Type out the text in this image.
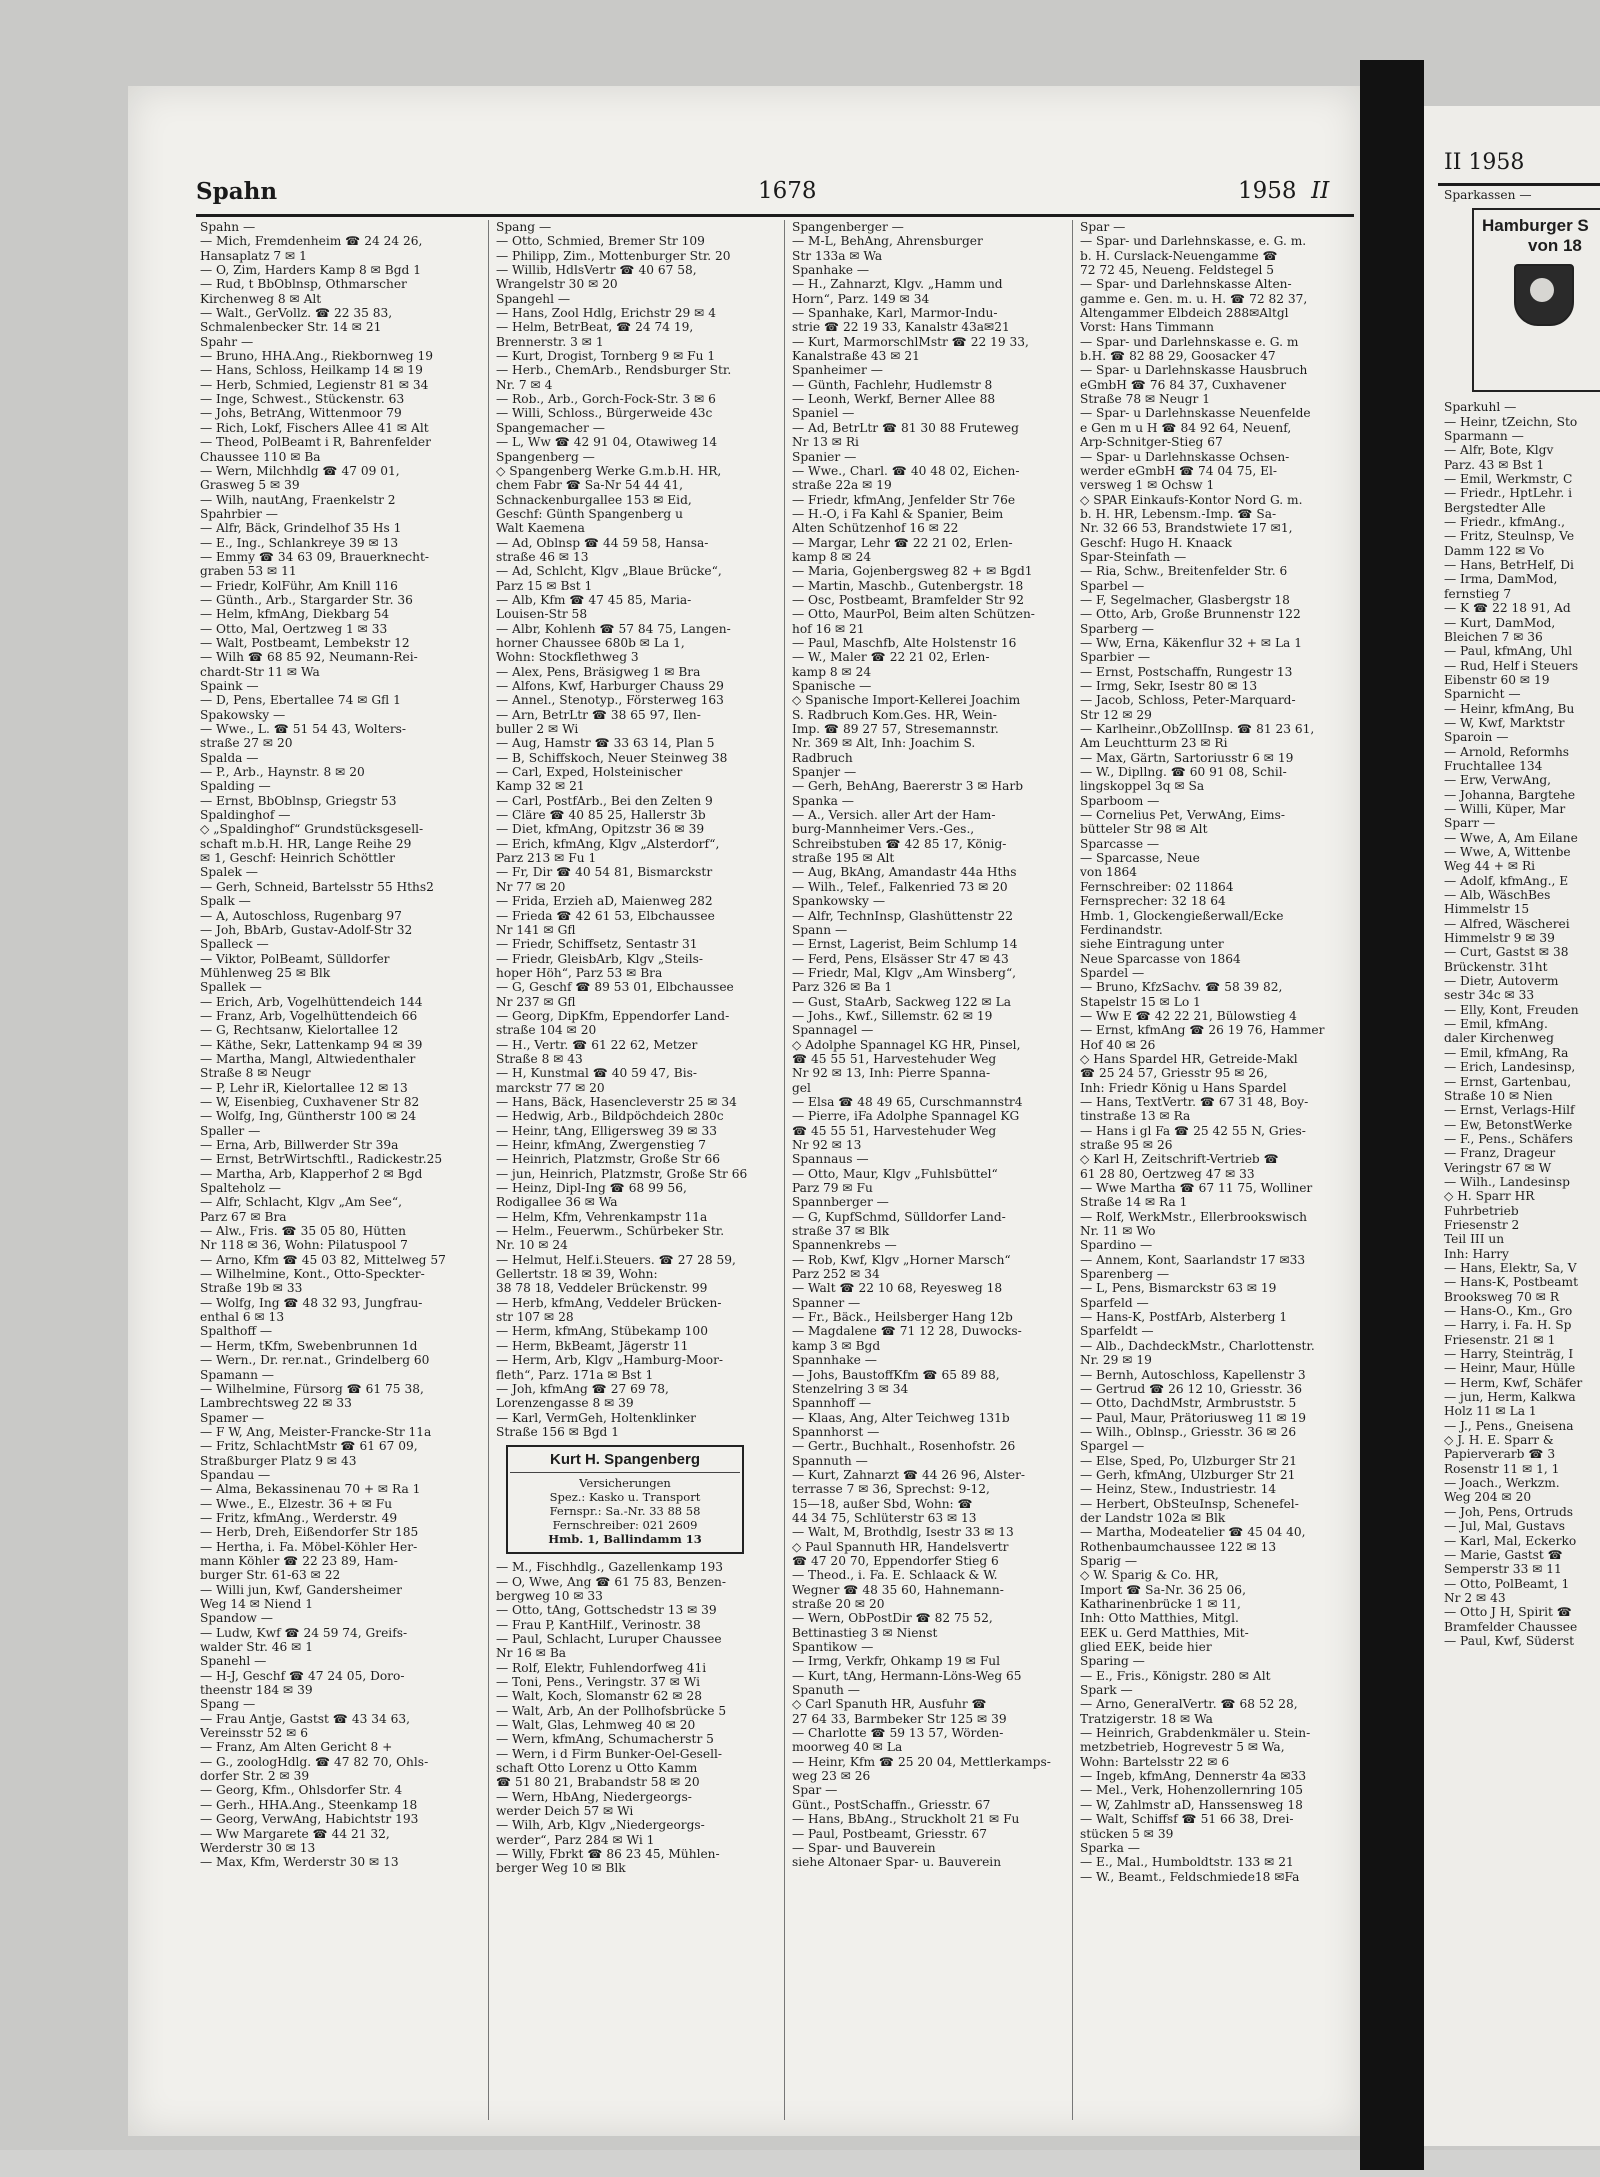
Spahn	1678	1958 II
Spahn —
— Mich, Fremdenheim ☎ 24 24 26,
Hansaplatz 7 ✉ 1
— O, Zim, Harders Kamp 8 ✉ Bgd 1
— Rud, t BbOblnsp, Othmarscher
Kirchenweg 8 ✉ Alt
— Walt., GerVollz. ☎ 22 35 83,
Schmalenbecker Str. 14 ✉ 21
Spahr —
— Bruno, HHA.Ang., Riekbornweg 19
— Hans, Schloss, Heilkamp 14 ✉ 19
— Herb, Schmied, Legienstr 81 ✉ 34
— Inge, Schwest., Stückenstr. 63
— Johs, BetrAng, Wittenmoor 79
— Rich, Lokf, Fischers Allee 41 ✉ Alt
— Theod, PolBeamt i R, Bahrenfelder
Chaussee 110 ✉ Ba
— Wern, Milchhdlg ☎ 47 09 01,
Grasweg 5 ✉ 39
— Wilh, nautAng, Fraenkelstr 2
Spahrbier —
— Alfr, Bäck, Grindelhof 35 Hs 1
— E., Ing., Schlankreye 39 ✉ 13
— Emmy ☎ 34 63 09, Brauerknecht-
graben 53 ✉ 11
— Friedr, KolFühr, Am Knill 116
— Günth., Arb., Stargarder Str. 36
— Helm, kfmAng, Diekbarg 54
— Otto, Mal, Oertzweg 1 ✉ 33
— Walt, Postbeamt, Lembekstr 12
— Wilh ☎ 68 85 92, Neumann-Rei-
chardt-Str 11 ✉ Wa
Spaink —
— D, Pens, Ebertallee 74 ✉ Gfl 1
Spakowsky —
— Wwe., L. ☎ 51 54 43, Wolters-
straße 27 ✉ 20
Spalda —
— P., Arb., Haynstr. 8 ✉ 20
Spalding —
— Ernst, BbOblnsp, Griegstr 53
Spaldinghof —
◇ „Spaldinghof“ Grundstücksgesell-
schaft m.b.H. HR, Lange Reihe 29
✉ 1, Geschf: Heinrich Schöttler
Spalek —
— Gerh, Schneid, Bartelsstr 55 Hths2
Spalk —
— A, Autoschloss, Rugenbarg 97
— Joh, BbArb, Gustav-Adolf-Str 32
Spalleck —
— Viktor, PolBeamt, Sülldorfer
Mühlenweg 25 ✉ Blk
Spallek —
— Erich, Arb, Vogelhüttendeich 144
— Franz, Arb, Vogelhüttendeich 66
— G, Rechtsanw, Kielortallee 12
— Käthe, Sekr, Lattenkamp 94 ✉ 39
— Martha, Mangl, Altwiedenthaler
Straße 8 ✉ Neugr
— P, Lehr iR, Kielortallee 12 ✉ 13
— W, Eisenbieg, Cuxhavener Str 82
— Wolfg, Ing, Güntherstr 100 ✉ 24
Spaller —
— Erna, Arb, Billwerder Str 39a
— Ernst, BetrWirtschftl., Radickestr.25
— Martha, Arb, Klapperhof 2 ✉ Bgd
Spalteholz —
— Alfr, Schlacht, Klgv „Am See“,
Parz 67 ✉ Bra
— Alw., Fris. ☎ 35 05 80, Hütten
Nr 118 ✉ 36, Wohn: Pilatuspool 7
— Arno, Kfm ☎ 45 03 82, Mittelweg 57
— Wilhelmine, Kont., Otto-Speckter-
Straße 19b ✉ 33
— Wolfg, Ing ☎ 48 32 93, Jungfrau-
enthal 6 ✉ 13
Spalthoff —
— Herm, tKfm, Swebenbrunnen 1d
— Wern., Dr. rer.nat., Grindelberg 60
Spamann —
— Wilhelmine, Fürsorg ☎ 61 75 38,
Lambrechtsweg 22 ✉ 33
Spamer —
— F W, Ang, Meister-Francke-Str 11a
— Fritz, SchlachtMstr ☎ 61 67 09,
Straßburger Platz 9 ✉ 43
Spandau —
— Alma, Bekassinenau 70 + ✉ Ra 1
— Wwe., E., Elzestr. 36 + ✉ Fu
— Fritz, kfmAng., Werderstr. 49
— Herb, Dreh, Eißendorfer Str 185
— Hertha, i. Fa. Möbel-Köhler Her-
mann Köhler ☎ 22 23 89, Ham-
burger Str. 61-63 ✉ 22
— Willi jun, Kwf, Gandersheimer
Weg 14 ✉ Niend 1
Spandow —
— Ludw, Kwf ☎ 24 59 74, Greifs-
walder Str. 46 ✉ 1
Spanehl —
— H-J, Geschf ☎ 47 24 05, Doro-
theenstr 184 ✉ 39
Spang —
— Frau Antje, Gastst ☎ 43 34 63,
Vereinsstr 52 ✉ 6
— Franz, Am Alten Gericht 8 +
— G., zoologHdlg. ☎ 47 82 70, Ohls-
dorfer Str. 2 ✉ 39
— Georg, Kfm., Ohlsdorfer Str. 4
— Gerh., HHA.Ang., Steenkamp 18
— Georg, VerwAng, Habichtstr 193
— Ww Margarete ☎ 44 21 32,
Werderstr 30 ✉ 13
— Max, Kfm, Werderstr 30 ✉ 13
Spang —
— Otto, Schmied, Bremer Str 109
— Philipp, Zim., Mottenburger Str. 20
— Willib, HdlsVertr ☎ 40 67 58,
Wrangelstr 30 ✉ 20
Spangehl —
— Hans, Zool Hdlg, Erichstr 29 ✉ 4
— Helm, BetrBeat, ☎ 24 74 19,
Brennerstr. 3 ✉ 1
— Kurt, Drogist, Tornberg 9 ✉ Fu 1
— Herb., ChemArb., Rendsburger Str.
Nr. 7 ✉ 4
— Rob., Arb., Gorch-Fock-Str. 3 ✉ 6
— Willi, Schloss., Bürgerweide 43c
Spangemacher —
— L, Ww ☎ 42 91 04, Otawiweg 14
Spangenberg —
◇ Spangenberg Werke G.m.b.H. HR,
chem Fabr ☎ Sa-Nr 54 44 41,
Schnackenburgallee 153 ✉ Eid,
Geschf: Günth Spangenberg u
Walt Kaemena
— Ad, Oblnsp ☎ 44 59 58, Hansa-
straße 46 ✉ 13
— Ad, Schlcht, Klgv „Blaue Brücke“,
Parz 15 ✉ Bst 1
— Alb, Kfm ☎ 47 45 85, Maria-
Louisen-Str 58
— Albr, Kohlenh ☎ 57 84 75, Langen-
horner Chaussee 680b ✉ La 1,
Wohn: Stockflethweg 3
— Alex, Pens, Bräsigweg 1 ✉ Bra
— Alfons, Kwf, Harburger Chauss 29
— Annel., Stenotyp., Försterweg 163
— Arn, BetrLtr ☎ 38 65 97, Ilen-
buller 2 ✉ Wi
— Aug, Hamstr ☎ 33 63 14, Plan 5
— B, Schiffskoch, Neuer Steinweg 38
— Carl, Exped, Holsteinischer
Kamp 32 ✉ 21
— Carl, PostfArb., Bei den Zelten 9
— Cläre ☎ 40 85 25, Hallerstr 3b
— Diet, kfmAng, Opitzstr 36 ✉ 39
— Erich, kfmAng, Klgv „Alsterdorf“,
Parz 213 ✉ Fu 1
— Fr, Dir ☎ 40 54 81, Bismarckstr
Nr 77 ✉ 20
— Frida, Erzieh aD, Maienweg 282
— Frieda ☎ 42 61 53, Elbchaussee
Nr 141 ✉ Gfl
— Friedr, Schiffsetz, Sentastr 31
— Friedr, GleisbArb, Klgv „Steils-
hoper Höh“, Parz 53 ✉ Bra
— G, Geschf ☎ 89 53 01, Elbchaussee
Nr 237 ✉ Gfl
— Georg, DipKfm, Eppendorfer Land-
straße 104 ✉ 20
— H., Vertr. ☎ 61 22 62, Metzer
Straße 8 ✉ 43
— H, Kunstmal ☎ 40 59 47, Bis-
marckstr 77 ✉ 20
— Hans, Bäck, Hasencleverstr 25 ✉ 34
— Hedwig, Arb., Bildpöchdeich 280c
— Heinr, tAng, Elligersweg 39 ✉ 33
— Heinr, kfmAng, Zwergenstieg 7
— Heinrich, Platzmstr, Große Str 66
— jun, Heinrich, Platzmstr, Große Str 66
— Heinz, Dipl-Ing ☎ 68 99 56,
Rodigallee 36 ✉ Wa
— Helm, Kfm, Vehrenkampstr 11a
— Helm., Feuerwm., Schürbeker Str.
Nr. 10 ✉ 24
— Helmut, Helf.i.Steuers. ☎ 27 28 59,
Gellertstr. 18 ✉ 39, Wohn:
38 78 18, Veddeler Brückenstr. 99
— Herb, kfmAng, Veddeler Brücken-
str 107 ✉ 28
— Herm, kfmAng, Stübekamp 100
— Herm, BkBeamt, Jägerstr 11
— Herm, Arb, Klgv „Hamburg-Moor-
fleth“, Parz. 171a ✉ Bst 1
— Joh, kfmAng ☎ 27 69 78,
Lorenzengasse 8 ✉ 39
— Karl, VermGeh, Holtenklinker
Straße 156 ✉ Bgd 1
Kurt H. Spangenberg
Versicherungen
Spez.: Kasko u. Transport
Fernspr.: Sa.-Nr. 33 88 58
Fernschreiber: 021 2609
Hmb. 1, Ballindamm 13
— M., Fischhdlg., Gazellenkamp 193
— O, Wwe, Ang ☎ 61 75 83, Benzen-
bergweg 10 ✉ 33
— Otto, tAng, Gottschedstr 13 ✉ 39
— Frau P, KantHilf., Verinostr. 38
— Paul, Schlacht, Luruper Chaussee
Nr 16 ✉ Ba
— Rolf, Elektr, Fuhlendorfweg 41i
— Toni, Pens., Veringstr. 37 ✉ Wi
— Walt, Koch, Slomanstr 62 ✉ 28
— Walt, Arb, An der Pollhofsbrücke 5
— Walt, Glas, Lehmweg 40 ✉ 20
— Wern, kfmAng, Schumacherstr 5
— Wern, i d Firm Bunker-Oel-Gesell-
schaft Otto Lorenz u Otto Kamm
☎ 51 80 21, Brabandstr 58 ✉ 20
— Wern, HbAng, Niedergeorgs-
werder Deich 57 ✉ Wi
— Wilh, Arb, Klgv „Niedergeorgs-
werder“, Parz 284 ✉ Wi 1
— Willy, Fbrkt ☎ 86 23 45, Mühlen-
berger Weg 10 ✉ Blk
Spangenberger —
— M-L, BehAng, Ahrensburger
Str 133a ✉ Wa
Spanhake —
— H., Zahnarzt, Klgv. „Hamm und
Horn“, Parz. 149 ✉ 34
— Spanhake, Karl, Marmor-Indu-
strie ☎ 22 19 33, Kanalstr 43a✉21
— Kurt, MarmorschlMstr ☎ 22 19 33,
Kanalstraße 43 ✉ 21
Spanheimer —
— Günth, Fachlehr, Hudlemstr 8
— Leonh, Werkf, Berner Allee 88
Spaniel —
— Ad, BetrLtr ☎ 81 30 88 Fruteweg
Nr 13 ✉ Ri
Spanier —
— Wwe., Charl. ☎ 40 48 02, Eichen-
straße 22a ✉ 19
— Friedr, kfmAng, Jenfelder Str 76e
— H.-O, i Fa Kahl & Spanier, Beim
Alten Schützenhof 16 ✉ 22
— Margar, Lehr ☎ 22 21 02, Erlen-
kamp 8 ✉ 24
— Maria, Gojenbergsweg 82 + ✉ Bgd1
— Martin, Maschb., Gutenbergstr. 18
— Osc, Postbeamt, Bramfelder Str 92
— Otto, MaurPol, Beim alten Schützen-
hof 16 ✉ 21
— Paul, Maschfb, Alte Holstenstr 16
— W., Maler ☎ 22 21 02, Erlen-
kamp 8 ✉ 24
Spanische —
◇ Spanische Import-Kellerei Joachim
S. Radbruch Kom.Ges. HR, Wein-
Imp. ☎ 89 27 57, Stresemannstr.
Nr. 369 ✉ Alt, Inh: Joachim S.
Radbruch
Spanjer —
— Gerh, BehAng, Baererstr 3 ✉ Harb
Spanka —
— A., Versich. aller Art der Ham-
burg-Mannheimer Vers.-Ges.,
Schreibstuben ☎ 42 85 17, König-
straße 195 ✉ Alt
— Aug, BkAng, Amandastr 44a Hths
— Wilh., Telef., Falkenried 73 ✉ 20
Spankowsky —
— Alfr, TechnInsp, Glashüttenstr 22
Spann —
— Ernst, Lagerist, Beim Schlump 14
— Ferd, Pens, Elsässer Str 47 ✉ 43
— Friedr, Mal, Klgv „Am Winsberg“,
Parz 326 ✉ Ba 1
— Gust, StaArb, Sackweg 122 ✉ La
— Johs., Kwf., Sillemstr. 62 ✉ 19
Spannagel —
◇ Adolphe Spannagel KG HR, Pinsel,
☎ 45 55 51, Harvestehuder Weg
Nr 92 ✉ 13, Inh: Pierre Spanna-
gel
— Elsa ☎ 48 49 65, Curschmannstr4
— Pierre, iFa Adolphe Spannagel KG
☎ 45 55 51, Harvestehuder Weg
Nr 92 ✉ 13
Spannaus —
— Otto, Maur, Klgv „Fuhlsbüttel“
Parz 79 ✉ Fu
Spannberger —
— G, KupfSchmd, Sülldorfer Land-
straße 37 ✉ Blk
Spannenkrebs —
— Rob, Kwf, Klgv „Horner Marsch“
Parz 252 ✉ 34
— Walt ☎ 22 10 68, Reyesweg 18
Spanner —
— Fr., Bäck., Heilsberger Hang 12b
— Magdalene ☎ 71 12 28, Duwocks-
kamp 3 ✉ Bgd
Spannhake —
— Johs, BaustoffKfm ☎ 65 89 88,
Stenzelring 3 ✉ 34
Spannhoff —
— Klaas, Ang, Alter Teichweg 131b
Spannhorst —
— Gertr., Buchhalt., Rosenhofstr. 26
Spannuth —
— Kurt, Zahnarzt ☎ 44 26 96, Alster-
terrasse 7 ✉ 36, Sprechst: 9-12,
15—18, außer Sbd, Wohn: ☎
44 34 75, Schlüterstr 63 ✉ 13
— Walt, M, Brothdlg, Isestr 33 ✉ 13
◇ Paul Spannuth HR, Handelsvertr
☎ 47 20 70, Eppendorfer Stieg 6
— Theod., i. Fa. E. Schlaack & W.
Wegner ☎ 48 35 60, Hahnemann-
straße 20 ✉ 20
— Wern, ObPostDir ☎ 82 75 52,
Bettinastieg 3 ✉ Nienst
Spantikow —
— Irmg, Verkfr, Ohkamp 19 ✉ Ful
— Kurt, tAng, Hermann-Löns-Weg 65
Spanuth —
◇ Carl Spanuth HR, Ausfuhr ☎
27 64 33, Barmbeker Str 125 ✉ 39
— Charlotte ☎ 59 13 57, Wörden-
moorweg 40 ✉ La
— Heinr, Kfm ☎ 25 20 04, Mettlerkamps-
weg 23 ✉ 26
Spar —
Günt., PostSchaffn., Griesstr. 67
— Hans, BbAng., Struckholt 21 ✉ Fu
— Paul, Postbeamt, Griesstr. 67
— Spar- und Bauverein
siehe Altonaer Spar- u. Bauverein
Spar —
— Spar- und Darlehnskasse, e. G. m.
b. H. Curslack-Neuengamme ☎
72 72 45, Neueng. Feldstegel 5
— Spar- und Darlehnskasse Alten-
gamme e. Gen. m. u. H. ☎ 72 82 37,
Altengammer Elbdeich 288✉Altgl
Vorst: Hans Timmann
— Spar- und Darlehnskasse e. G. m
b.H. ☎ 82 88 29, Goosacker 47
— Spar- u Darlehnskasse Hausbruch
eGmbH ☎ 76 84 37, Cuxhavener
Straße 78 ✉ Neugr 1
— Spar- u Darlehnskasse Neuenfelde
e Gen m u H ☎ 84 92 64, Neuenf,
Arp-Schnitger-Stieg 67
— Spar- u Darlehnskasse Ochsen-
werder eGmbH ☎ 74 04 75, El-
versweg 1 ✉ Ochsw 1
◇ SPAR Einkaufs-Kontor Nord G. m.
b. H. HR, Lebensm.-Imp. ☎ Sa-
Nr. 32 66 53, Brandstwiete 17 ✉1,
Geschf: Hugo H. Knaack
Spar-Steinfath —
— Ria, Schw., Breitenfelder Str. 6
Sparbel —
— F, Segelmacher, Glasbergstr 18
— Otto, Arb, Große Brunnenstr 122
Sparberg —
— Ww, Erna, Käkenflur 32 + ✉ La 1
Sparbier —
— Ernst, Postschaffn, Rungestr 13
— Irmg, Sekr, Isestr 80 ✉ 13
— Jacob, Schloss, Peter-Marquard-
Str 12 ✉ 29
— Karlheinr.,ObZollInsp. ☎ 81 23 61,
Am Leuchtturm 23 ✉ Ri
— Max, Gärtn, Sartoriusstr 6 ✉ 19
— W., Dipllng. ☎ 60 91 08, Schil-
lingskoppel 3q ✉ Sa
Sparboom —
— Cornelius Pet, VerwAng, Eims-
bütteler Str 98 ✉ Alt
Sparcasse —
— Sparcasse, Neue
von 1864
Fernschreiber: 02 11864
Fernsprecher: 32 18 64
Hmb. 1, Glockengießerwall/Ecke
Ferdinandstr.
siehe Eintragung unter
Neue Sparcasse von 1864
Spardel —
— Bruno, KfzSachv. ☎ 58 39 82,
Stapelstr 15 ✉ Lo 1
— Ww E ☎ 42 22 21, Bülowstieg 4
— Ernst, kfmAng ☎ 26 19 76, Hammer
Hof 40 ✉ 26
◇ Hans Spardel HR, Getreide-Makl
☎ 25 24 57, Griesstr 95 ✉ 26,
Inh: Friedr König u Hans Spardel
— Hans, TextVertr. ☎ 67 31 48, Boy-
tinstraße 13 ✉ Ra
— Hans i gl Fa ☎ 25 42 55 N, Gries-
straße 95 ✉ 26
◇ Karl H, Zeitschrift-Vertrieb ☎
61 28 80, Oertzweg 47 ✉ 33
— Wwe Martha ☎ 67 11 75, Wolliner
Straße 14 ✉ Ra 1
— Rolf, WerkMstr., Ellerbrookswisch
Nr. 11 ✉ Wo
Spardino —
— Annem, Kont, Saarlandstr 17 ✉33
Sparenberg —
— L, Pens, Bismarckstr 63 ✉ 19
Sparfeld —
— Hans-K, PostfArb, Alsterberg 1
Sparfeldt —
— Alb., DachdeckMstr., Charlottenstr.
Nr. 29 ✉ 19
— Bernh, Autoschloss, Kapellenstr 3
— Gertrud ☎ 26 12 10, Griesstr. 36
— Otto, DachdMstr, Armbruststr. 5
— Paul, Maur, Prätoriusweg 11 ✉ 19
— Wilh., Oblnsp., Griesstr. 36 ✉ 26
Spargel —
— Else, Sped, Po, Ulzburger Str 21
— Gerh, kfmAng, Ulzburger Str 21
— Heinz, Stew., Industriestr. 14
— Herbert, ObSteuInsp, Schenefel-
der Landstr 102a ✉ Blk
— Martha, Modeatelier ☎ 45 04 40,
Rothenbaumchaussee 122 ✉ 13
Sparig —
◇ W. Sparig & Co. HR,
Import ☎ Sa-Nr. 36 25 06,
Katharinenbrücke 1 ✉ 11,
Inh: Otto Matthies, Mitgl.
EEK u. Gerd Matthies, Mit-
glied EEK, beide hier
Sparing —
— E., Fris., Königstr. 280 ✉ Alt
Spark —
— Arno, GeneralVertr. ☎ 68 52 28,
Tratzigerstr. 18 ✉ Wa
— Heinrich, Grabdenkmäler u. Stein-
metzbetrieb, Hogrevestr 5 ✉ Wa,
Wohn: Bartelsstr 22 ✉ 6
— Ingeb, kfmAng, Dennerstr 4a ✉33
— Mel., Verk, Hohenzollernring 105
— W, Zahlmstr aD, Hanssensweg 18
— Walt, Schiffsf ☎ 51 66 38, Drei-
stücken 5 ✉ 39
Sparka —
— E., Mal., Humboldtstr. 133 ✉ 21
— W., Beamt., Feldschmiede18 ✉Fa
II 1958
Sparkassen —
Hamburger S
von 18
Sparkuhl —
— Heinr, tZeichn, Sto
Sparmann —
— Alfr, Bote, Klgv
Parz. 43 ✉ Bst 1
— Emil, Werkmstr, C
— Friedr., HptLehr. i
Bergstedter Alle
— Friedr., kfmAng.,
— Fritz, Steulnsp, Ve
Damm 122 ✉ Vo
— Hans, BetrHelf, Di
— Irma, DamMod,
fernstieg 7
— K ☎ 22 18 91, Ad
— Kurt, DamMod,
Bleichen 7 ✉ 36
— Paul, kfmAng, Uhl
— Rud, Helf i Steuers
Eibenstr 60 ✉ 19
Sparnicht —
— Heinr, kfmAng, Bu
— W, Kwf, Marktstr
Sparoin —
— Arnold, Reformhs
Fruchtallee 134
— Erw, VerwAng,
— Johanna, Bargtehe
— Willi, Küper, Mar
Sparr —
— Wwe, A, Am Eilane
— Wwe, A, Wittenbe
Weg 44 + ✉ Ri
— Adolf, kfmAng., E
— Alb, WäschBes
Himmelstr 15
— Alfred, Wäscherei
Himmelstr 9 ✉ 39
— Curt, Gastst ✉ 38
Brückenstr. 31ht
— Dietr, Autoverm
sestr 34c ✉ 33
— Elly, Kont, Freuden
— Emil, kfmAng.
daler Kirchenweg
— Emil, kfmAng, Ra
— Erich, Landesinsp,
— Ernst, Gartenbau,
Straße 10 ✉ Nien
— Ernst, Verlags-Hilf
— Ew, BetonstWerke
— F., Pens., Schäfers
— Franz, Drageur
Veringstr 67 ✉ W
— Wilh., Landesinsp
◇ H. Sparr HR
Fuhrbetrieb
Friesenstr 2
Teil III un
Inh: Harry
— Hans, Elektr, Sa, V
— Hans-K, Postbeamt
Brooksweg 70 ✉ R
— Hans-O., Km., Gro
— Harry, i. Fa. H. Sp
Friesenstr. 21 ✉ 1
— Harry, Steinträg, I
— Heinr, Maur, Hülle
— Herm, Kwf, Schäfer
— jun, Herm, Kalkwa
Holz 11 ✉ La 1
— J., Pens., Gneisena
◇ J. H. E. Sparr &
Papierverarb ☎ 3
Rosenstr 11 ✉ 1, 1
— Joach., Werkzm.
Weg 204 ✉ 20
— Joh, Pens, Ortruds
— Jul, Mal, Gustavs
— Karl, Mal, Eckerko
— Marie, Gastst ☎
Semperstr 33 ✉ 11
— Otto, PolBeamt, 1
Nr 2 ✉ 43
— Otto J H, Spirit ☎
Bramfelder Chaussee
— Paul, Kwf, Süderst
